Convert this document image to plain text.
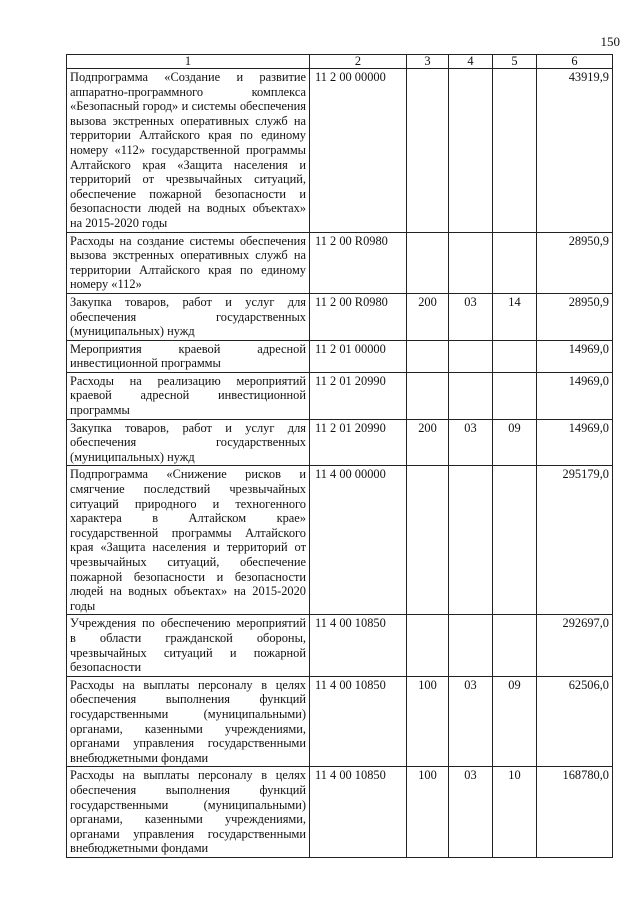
150
1	2	3	4	5	6
Подпрограмма «Создание и развитие аппаратно-программного комплекса «Безопасный город» и системы обеспечения вызова экстренных оперативных служб на территории Алтайского края по единому номеру «112» государственной программы Алтайского края «Защита населения и территорий от чрезвычайных ситуаций, обеспечение пожарной безопасности и безопасности людей на водных объектах» на 2015-2020 годы	11 2 00 00000				43919,9
Расходы на создание системы обеспечения вызова экстренных оперативных служб на территории Алтайского края по единому номеру «112»	11 2 00 R0980				28950,9
Закупка товаров, работ и услуг для обеспечения государственных (муниципальных) нужд	11 2 00 R0980	200	03	14	28950,9
Мероприятия краевой адресной инвестиционной программы	11 2 01 00000				14969,0
Расходы на реализацию мероприятий краевой адресной инвестиционной программы	11 2 01 20990				14969,0
Закупка товаров, работ и услуг для обеспечения государственных (муниципальных) нужд	11 2 01 20990	200	03	09	14969,0
Подпрограмма «Снижение рисков и смягчение последствий чрезвычайных ситуаций природного и техногенного характера в Алтайском крае» государственной программы Алтайского края «Защита населения и территорий от чрезвычайных ситуаций, обеспечение пожарной безопасности и безопасности людей на водных объектах» на 2015-2020 годы	11 4 00 00000				295179,0
Учреждения по обеспечению мероприятий в области гражданской обороны, чрезвычайных ситуаций и пожарной безопасности	11 4 00 10850				292697,0
Расходы на выплаты персоналу в целях обеспечения выполнения функций государственными (муниципальными) органами, казенными учреждениями, органами управления государственными внебюджетными фондами	11 4 00 10850	100	03	09	62506,0
Расходы на выплаты персоналу в целях обеспечения выполнения функций государственными (муниципальными) органами, казенными учреждениями, органами управления государственными внебюджетными фондами	11 4 00 10850	100	03	10	168780,0
